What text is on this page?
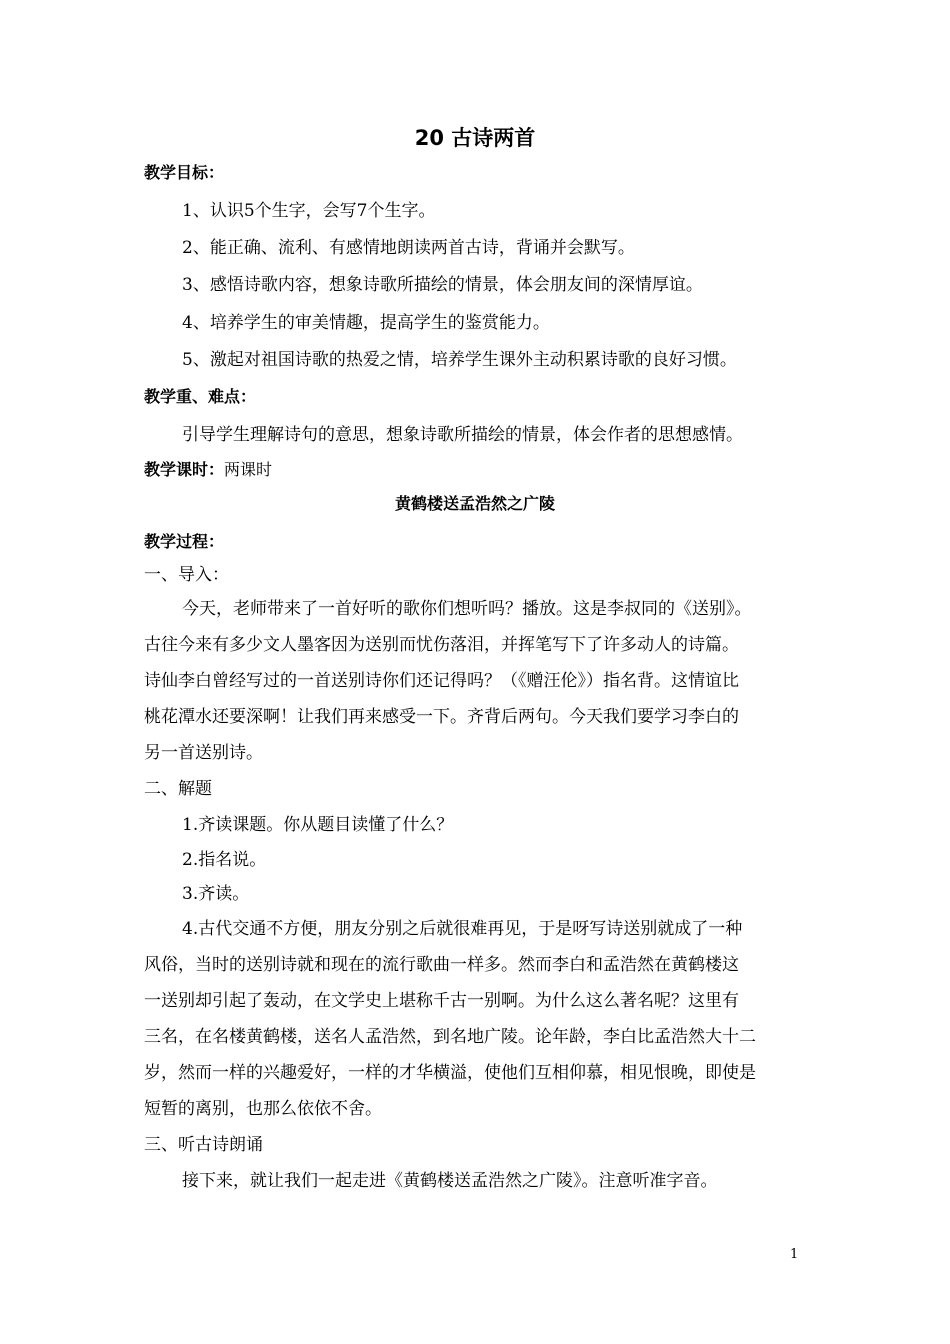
20 古诗两首
教学目标：
1、认识5个生字，会写7个生字。
2、能正确、流利、有感情地朗读两首古诗，背诵并会默写。
3、感悟诗歌内容，想象诗歌所描绘的情景，体会朋友间的深情厚谊。
4、培养学生的审美情趣，提高学生的鉴赏能力。
5、激起对祖国诗歌的热爱之情，培养学生课外主动积累诗歌的良好习惯。
教学重、难点：
引导学生理解诗句的意思，想象诗歌所描绘的情景，体会作者的思想感情。
教学课时：两课时
黄鹤楼送孟浩然之广陵
教学过程：
一、导入：
今天，老师带来了一首好听的歌你们想听吗？播放。这是李叔同的《送别》。
古往今来有多少文人墨客因为送别而忧伤落泪，并挥笔写下了许多动人的诗篇。
诗仙李白曾经写过的一首送别诗你们还记得吗？（《赠汪伦》）指名背。这情谊比
桃花潭水还要深啊！让我们再来感受一下。齐背后两句。今天我们要学习李白的
另一首送别诗。
二、解题
1.齐读课题。你从题目读懂了什么？
2.指名说。
3.齐读。
4.古代交通不方便，朋友分别之后就很难再见，于是呀写诗送别就成了一种
风俗，当时的送别诗就和现在的流行歌曲一样多。然而李白和孟浩然在黄鹤楼这
一送别却引起了轰动，在文学史上堪称千古一别啊。为什么这么著名呢？这里有
三名，在名楼黄鹤楼，送名人孟浩然，到名地广陵。论年龄，李白比孟浩然大十二
岁，然而一样的兴趣爱好，一样的才华横溢，使他们互相仰慕，相见恨晚，即使是
短暂的离别，也那么依依不舍。
三、听古诗朗诵
接下来，就让我们一起走进《黄鹤楼送孟浩然之广陵》。注意听准字音。
1
